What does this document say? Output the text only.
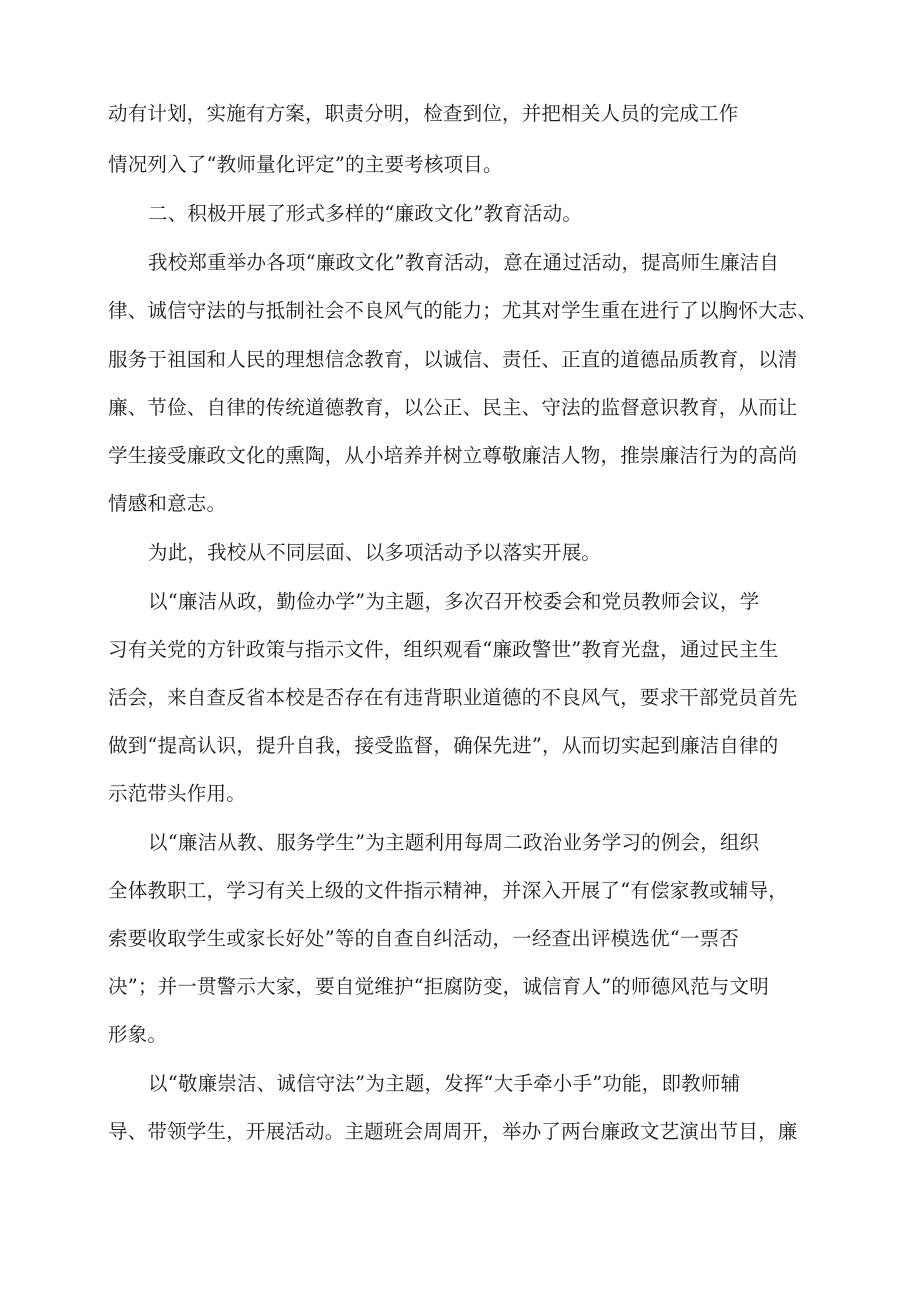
动有计划，实施有方案，职责分明，检查到位，并把相关人员的完成工作
情况列入了“教师量化评定”的主要考核项目。
二、积极开展了形式多样的“廉政文化”教育活动。
我校郑重举办各项“廉政文化”教育活动，意在通过活动，提高师生廉洁自
律、诚信守法的与抵制社会不良风气的能力；尤其对学生重在进行了以胸怀大志、
服务于祖国和人民的理想信念教育，以诚信、责任、正直的道德品质教育，以清
廉、节俭、自律的传统道德教育，以公正、民主、守法的监督意识教育，从而让
学生接受廉政文化的熏陶，从小培养并树立尊敬廉洁人物，推崇廉洁行为的高尚
情感和意志。
为此，我校从不同层面、以多项活动予以落实开展。
以“廉洁从政，勤俭办学”为主题，多次召开校委会和党员教师会议，学
习有关党的方针政策与指示文件，组织观看“廉政警世”教育光盘，通过民主生
活会，来自查反省本校是否存在有违背职业道德的不良风气，要求干部党员首先
做到“提高认识，提升自我，接受监督，确保先进”，从而切实起到廉洁自律的
示范带头作用。
以“廉洁从教、服务学生”为主题利用每周二政治业务学习的例会，组织
全体教职工，学习有关上级的文件指示精神，并深入开展了“有偿家教或辅导，
索要收取学生或家长好处”等的自查自纠活动，一经查出评模选优“一票否
决”；并一贯警示大家，要自觉维护“拒腐防变，诚信育人”的师德风范与文明
形象。
以“敬廉崇洁、诚信守法”为主题，发挥“大手牵小手”功能，即教师辅
导、带领学生，开展活动。主题班会周周开，举办了两台廉政文艺演出节目，廉
